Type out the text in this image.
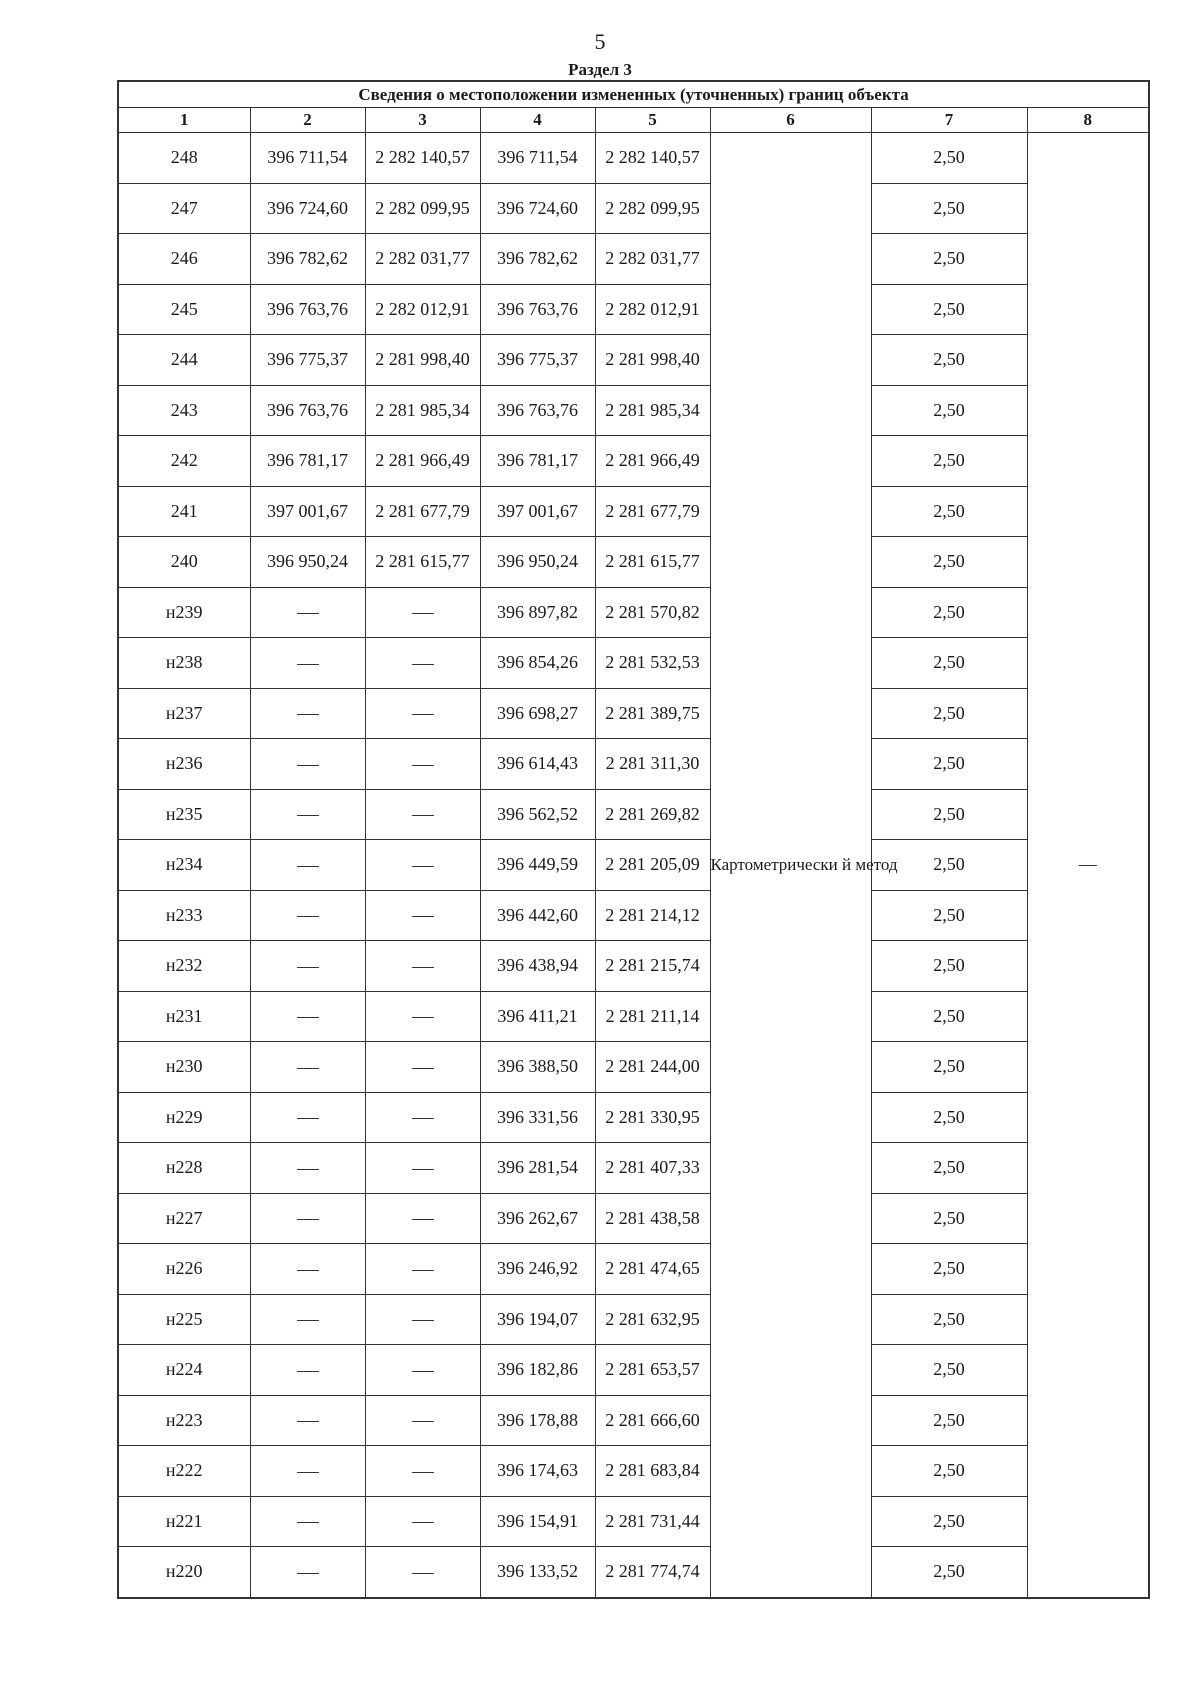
5
Раздел 3
Сведения о местоположении измененных (уточненных) границ объекта							
1	2	3	4	5	6	7	8
248	396 711,54	2 282 140,57	396 711,54	2 282 140,57	Картометрически й метод	2,50	—
247	396 724,60	2 282 099,95	396 724,60	2 282 099,95		2,50	
246	396 782,62	2 282 031,77	396 782,62	2 282 031,77		2,50	
245	396 763,76	2 282 012,91	396 763,76	2 282 012,91		2,50	
244	396 775,37	2 281 998,40	396 775,37	2 281 998,40		2,50	
243	396 763,76	2 281 985,34	396 763,76	2 281 985,34		2,50	
242	396 781,17	2 281 966,49	396 781,17	2 281 966,49		2,50	
241	397 001,67	2 281 677,79	397 001,67	2 281 677,79		2,50	
240	396 950,24	2 281 615,77	396 950,24	2 281 615,77		2,50	
н239			396 897,82	2 281 570,82		2,50	
н238			396 854,26	2 281 532,53		2,50	
н237			396 698,27	2 281 389,75		2,50	
н236			396 614,43	2 281 311,30		2,50	
н235			396 562,52	2 281 269,82		2,50	
н234			396 449,59	2 281 205,09		2,50	
н233			396 442,60	2 281 214,12		2,50	
н232			396 438,94	2 281 215,74		2,50	
н231			396 411,21	2 281 211,14		2,50	
н230			396 388,50	2 281 244,00		2,50	
н229			396 331,56	2 281 330,95		2,50	
н228			396 281,54	2 281 407,33		2,50	
н227			396 262,67	2 281 438,58		2,50	
н226			396 246,92	2 281 474,65		2,50	
н225			396 194,07	2 281 632,95		2,50	
н224			396 182,86	2 281 653,57		2,50	
н223			396 178,88	2 281 666,60		2,50	
н222			396 174,63	2 281 683,84		2,50	
н221			396 154,91	2 281 731,44		2,50	
н220			396 133,52	2 281 774,74		2,50	
